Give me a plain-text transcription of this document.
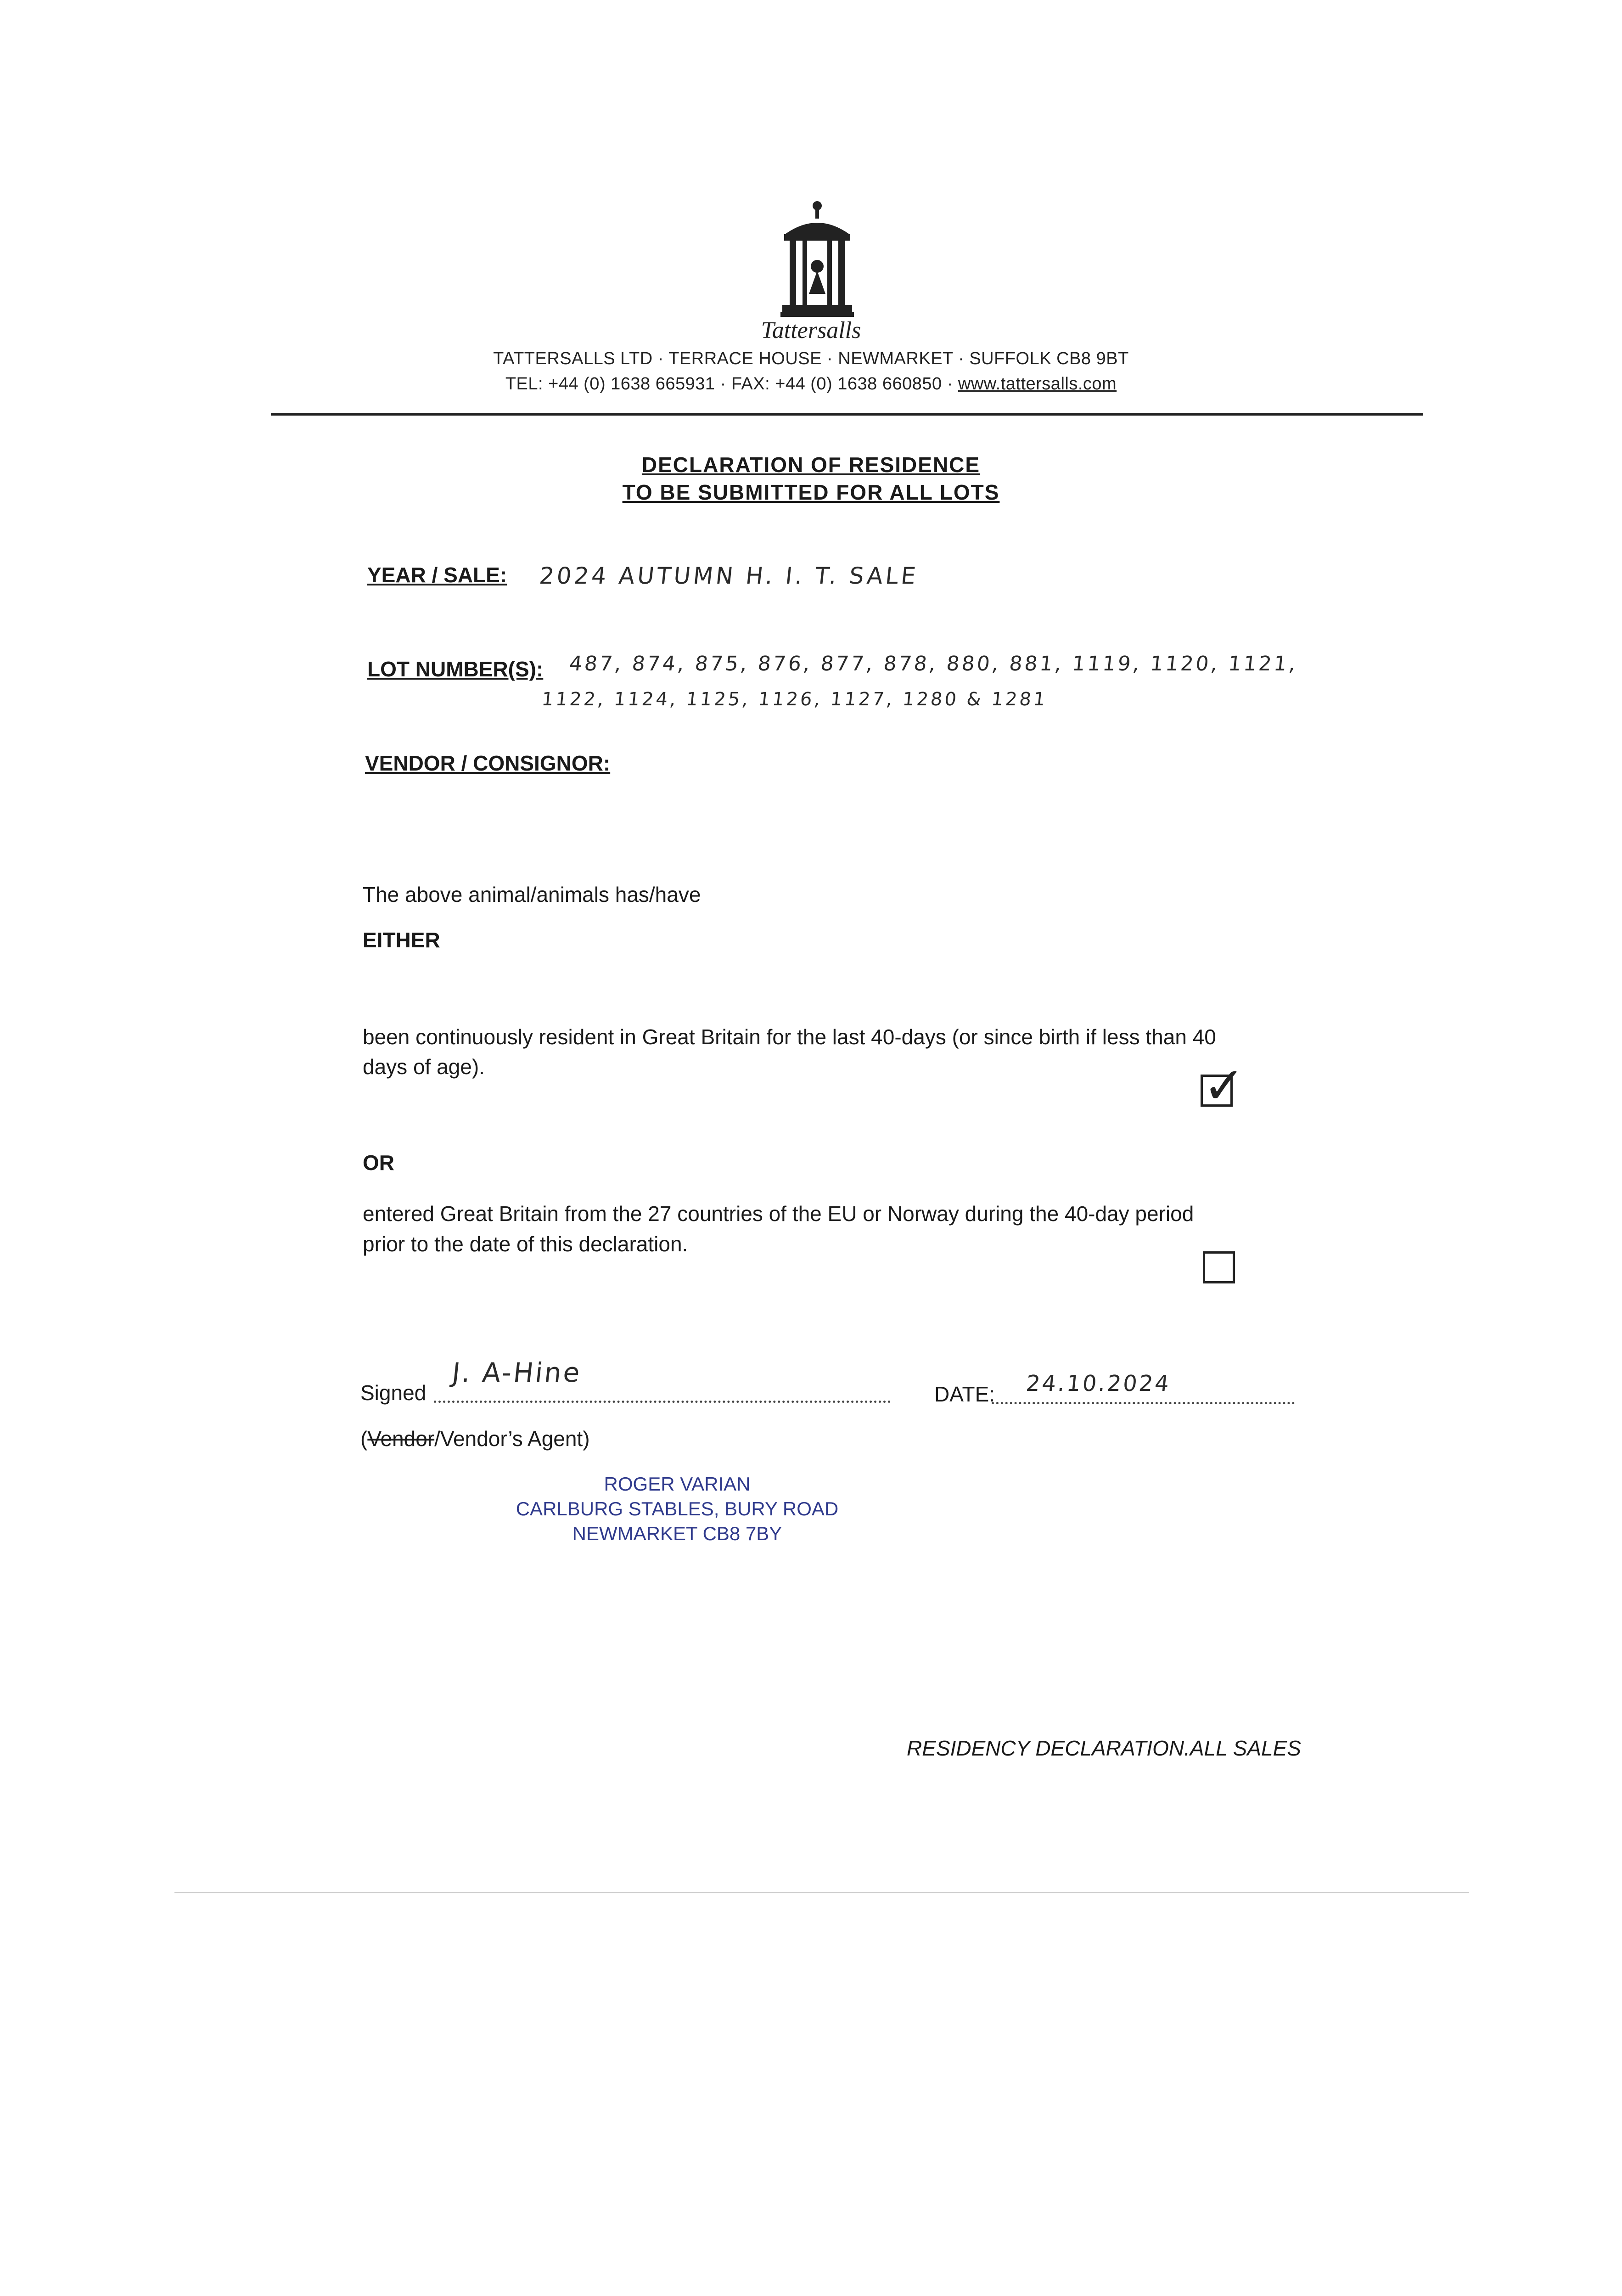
Tattersalls
TATTERSALLS LTD · TERRACE HOUSE · NEWMARKET · SUFFOLK CB8 9BT
TEL: +44 (0) 1638 665931 · FAX: +44 (0) 1638 660850 · www.tattersalls.com
DECLARATION OF RESIDENCE
TO BE SUBMITTED FOR ALL LOTS
YEAR / SALE: 2024 AUTUMN H. I. T. SALE
LOT NUMBER(S): 487, 874, 875, 876, 877, 878, 880, 881, 1119, 1120, 1121,
1122, 1124, 1125, 1126, 1127, 1280 & 1281
VENDOR / CONSIGNOR:
The above animal/animals has/have
EITHER
been continuously resident in Great Britain for the last 40-days (or since birth if less than 40
days of age).	✓
OR
entered Great Britain from the 27 countries of the EU or Norway during the 40-day period
prior to the date of this declaration.
Signed
J. A-Hine
DATE: 24.10.2024
(Vendor/Vendor’s Agent)
ROGER VARIAN
CARLBURG STABLES, BURY ROAD
NEWMARKET CB8 7BY
RESIDENCY DECLARATION.ALL SALES
